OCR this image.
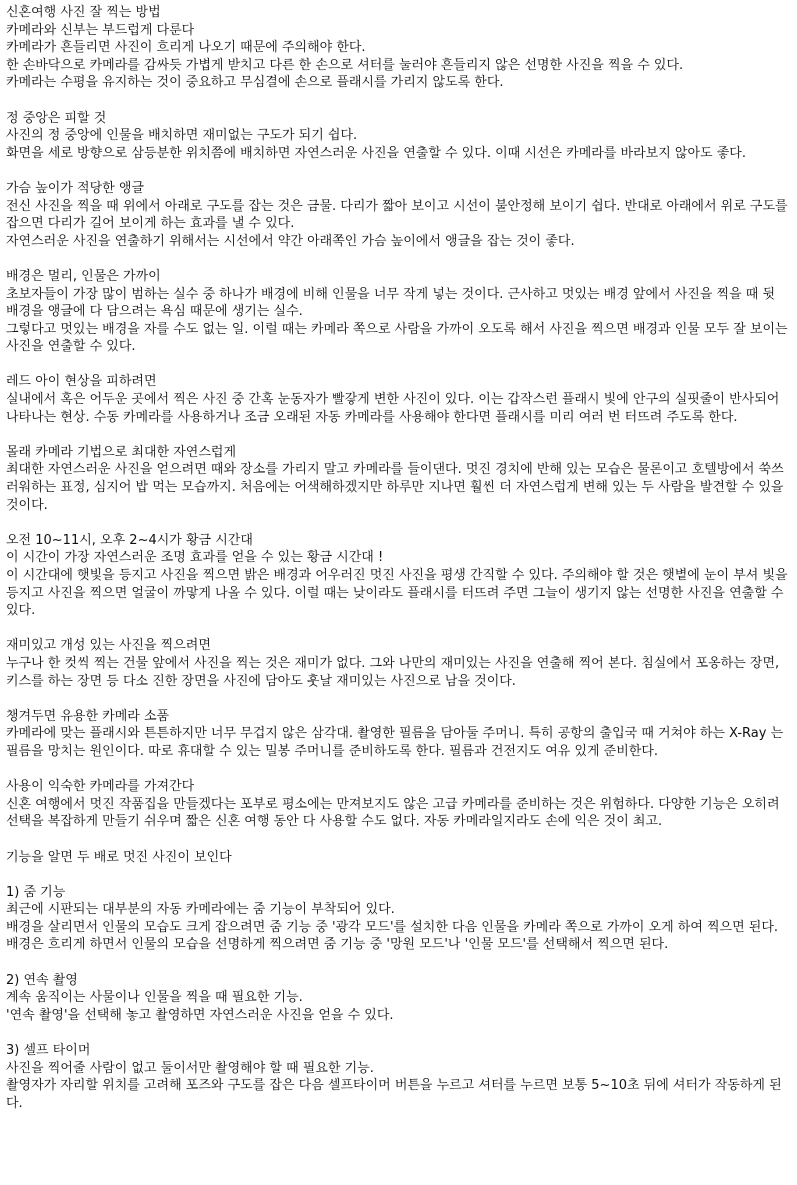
신혼여행 사진 잘 찍는 방법
카메라와 신부는 부드럽게 다룬다
카메라가 흔들리면 사진이 흐리게 나오기 때문에 주의해야 한다.
한 손바닥으로 카메라를 감싸듯 가볍게 받치고 다른 한 손으로 셔터를 눌러야 흔들리지 않은 선명한 사진을 찍을 수 있다.
카메라는 수평을 유지하는 것이 중요하고 무심결에 손으로 플래시를 가리지 않도록 한다.
정 중앙은 피할 것
사진의 정 중앙에 인물을 배치하면 재미없는 구도가 되기 쉽다.
화면을 세로 방향으로 삼등분한 위치쯤에 배치하면 자연스러운 사진을 연출할 수 있다. 이때 시선은 카메라를 바라보지 않아도 좋다.
가슴 높이가 적당한 앵글
전신 사진을 찍을 때 위에서 아래로 구도를 잡는 것은 금물. 다리가 짧아 보이고 시선이 불안정해 보이기 쉽다. 반대로 아래에서 위로 구도를 잡으면 다리가 길어 보이게 하는 효과를 낼 수 있다.
자연스러운 사진을 연출하기 위해서는 시선에서 약간 아래쪽인 가슴 높이에서 앵글을 잡는 것이 좋다.
배경은 멀리, 인물은 가까이
초보자들이 가장 많이 범하는 실수 중 하나가 배경에 비해 인물을 너무 작게 넣는 것이다. 근사하고 멋있는 배경 앞에서 사진을 찍을 때 뒷 배경을 앵글에 다 담으려는 욕심 때문에 생기는 실수.
그렇다고 멋있는 배경을 자를 수도 없는 일. 이럴 때는 카메라 쪽으로 사람을 가까이 오도록 해서 사진을 찍으면 배경과 인물 모두 잘 보이는 사진을 연출할 수 있다.
레드 아이 현상을 피하려면
실내에서 혹은 어두운 곳에서 찍은 사진 중 간혹 눈동자가 빨갛게 변한 사진이 있다. 이는 갑작스런 플래시 빛에 안구의 실핏줄이 반사되어 나타나는 현상. 수동 카메라를 사용하거나 조금 오래된 자동 카메라를 사용해야 한다면 플래시를 미리 여러 번 터뜨려 주도록 한다.
몰래 카메라 기법으로 최대한 자연스럽게
최대한 자연스러운 사진을 얻으려면 때와 장소를 가리지 말고 카메라를 들이댄다. 멋진 경치에 반해 있는 모습은 물론이고 호텔방에서 쑥쓰러워하는 표정, 심지어 밥 먹는 모습까지. 처음에는 어색해하겠지만 하루만 지나면 훨씬 더 자연스럽게 변해 있는 두 사람을 발견할 수 있을 것이다.
오전 10~11시, 오후 2~4시가 황금 시간대
이 시간이 가장 자연스러운 조명 효과를 얻을 수 있는 황금 시간대 !
이 시간대에 햇빛을 등지고 사진을 찍으면 밝은 배경과 어우러진 멋진 사진을 평생 간직할 수 있다. 주의해야 할 것은 햇볕에 눈이 부셔 빛을 등지고 사진을 찍으면 얼굴이 까맣게 나올 수 있다. 이럴 때는 낮이라도 플래시를 터뜨려 주면 그늘이 생기지 않는 선명한 사진을 연출할 수 있다.
재미있고 개성 있는 사진을 찍으려면
누구나 한 컷씩 찍는 건물 앞에서 사진을 찍는 것은 재미가 없다. 그와 나만의 재미있는 사진을 연출해 찍어 본다. 침실에서 포옹하는 장면, 키스를 하는 장면 등 다소 진한 장면을 사진에 담아도 훗날 재미있는 사진으로 남을 것이다.
챙겨두면 유용한 카메라 소품
카메라에 맞는 플래시와 튼튼하지만 너무 무겁지 않은 삼각대. 촬영한 필름을 담아둘 주머니. 특히 공항의 출입국 때 거쳐야 하는 X-Ray 는 필름을 망치는 원인이다. 따로 휴대할 수 있는 밀봉 주머니를 준비하도록 한다. 필름과 건전지도 여유 있게 준비한다.
사용이 익숙한 카메라를 가져간다
신혼 여행에서 멋진 작품집을 만들겠다는 포부로 평소에는 만져보지도 않은 고급 카메라를 준비하는 것은 위험하다. 다양한 기능은 오히려 선택을 복잡하게 만들기 쉬우며 짧은 신혼 여행 동안 다 사용할 수도 없다. 자동 카메라일지라도 손에 익은 것이 최고.
기능을 알면 두 배로 멋진 사진이 보인다
1) 줌 기능
최근에 시판되는 대부분의 자동 카메라에는 줌 기능이 부착되어 있다.
배경을 살리면서 인물의 모습도 크게 잡으려면 줌 기능 중 '광각 모드'를 설치한 다음 인물을 카메라 쪽으로 가까이 오게 하여 찍으면 된다.
배경은 흐리게 하면서 인물의 모습을 선명하게 찍으려면 줌 기능 중 '망원 모드'나 '인물 모드'를 선택해서 찍으면 된다.
2) 연속 촬영
계속 움직이는 사물이나 인물을 찍을 때 필요한 기능.
'연속 촬영'을 선택해 놓고 촬영하면 자연스러운 사진을 얻을 수 있다.
3) 셀프 타이머
사진을 찍어줄 사람이 없고 둘이서만 촬영해야 할 때 필요한 기능.
촬영자가 자리할 위치를 고려해 포즈와 구도를 잡은 다음 셀프타이머 버튼을 누르고 셔터를 누르면 보통 5~10초 뒤에 셔터가 작동하게 된다.
